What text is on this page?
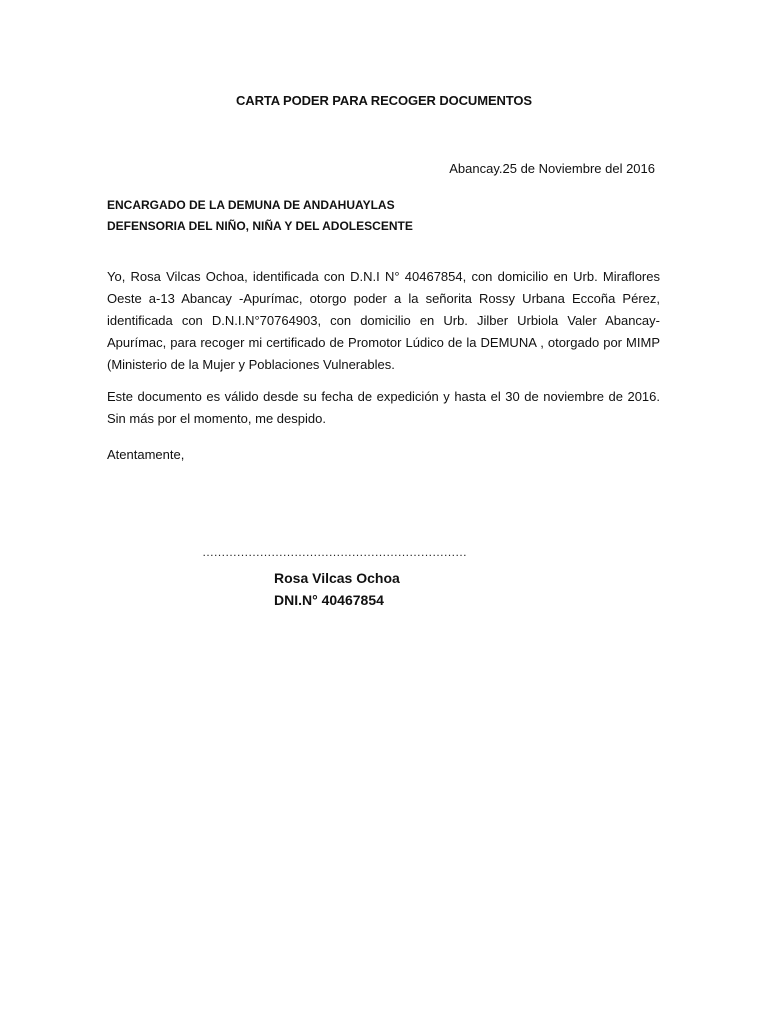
CARTA PODER PARA RECOGER DOCUMENTOS
Abancay.25 de Noviembre del 2016
ENCARGADO DE LA DEMUNA DE ANDAHUAYLAS
DEFENSORIA DEL NIÑO, NIÑA Y DEL ADOLESCENTE
Yo, Rosa Vilcas Ochoa, identificada con D.N.I N° 40467854, con domicilio en Urb. Miraflores Oeste a-13 Abancay -Apurímac, otorgo poder a la señorita Rossy Urbana Eccoña Pérez, identificada con D.N.I.N°70764903, con domicilio en Urb. Jilber Urbiola Valer Abancay-Apurímac, para recoger mi certificado de Promotor Lúdico de la DEMUNA , otorgado por MIMP (Ministerio de la Mujer y Poblaciones Vulnerables.
Este documento es válido desde su fecha de expedición y hasta el 30 de noviembre de 2016. Sin más por el momento, me despido.
Atentamente,
……………………………………………………………
Rosa Vilcas Ochoa
DNI.N° 40467854
